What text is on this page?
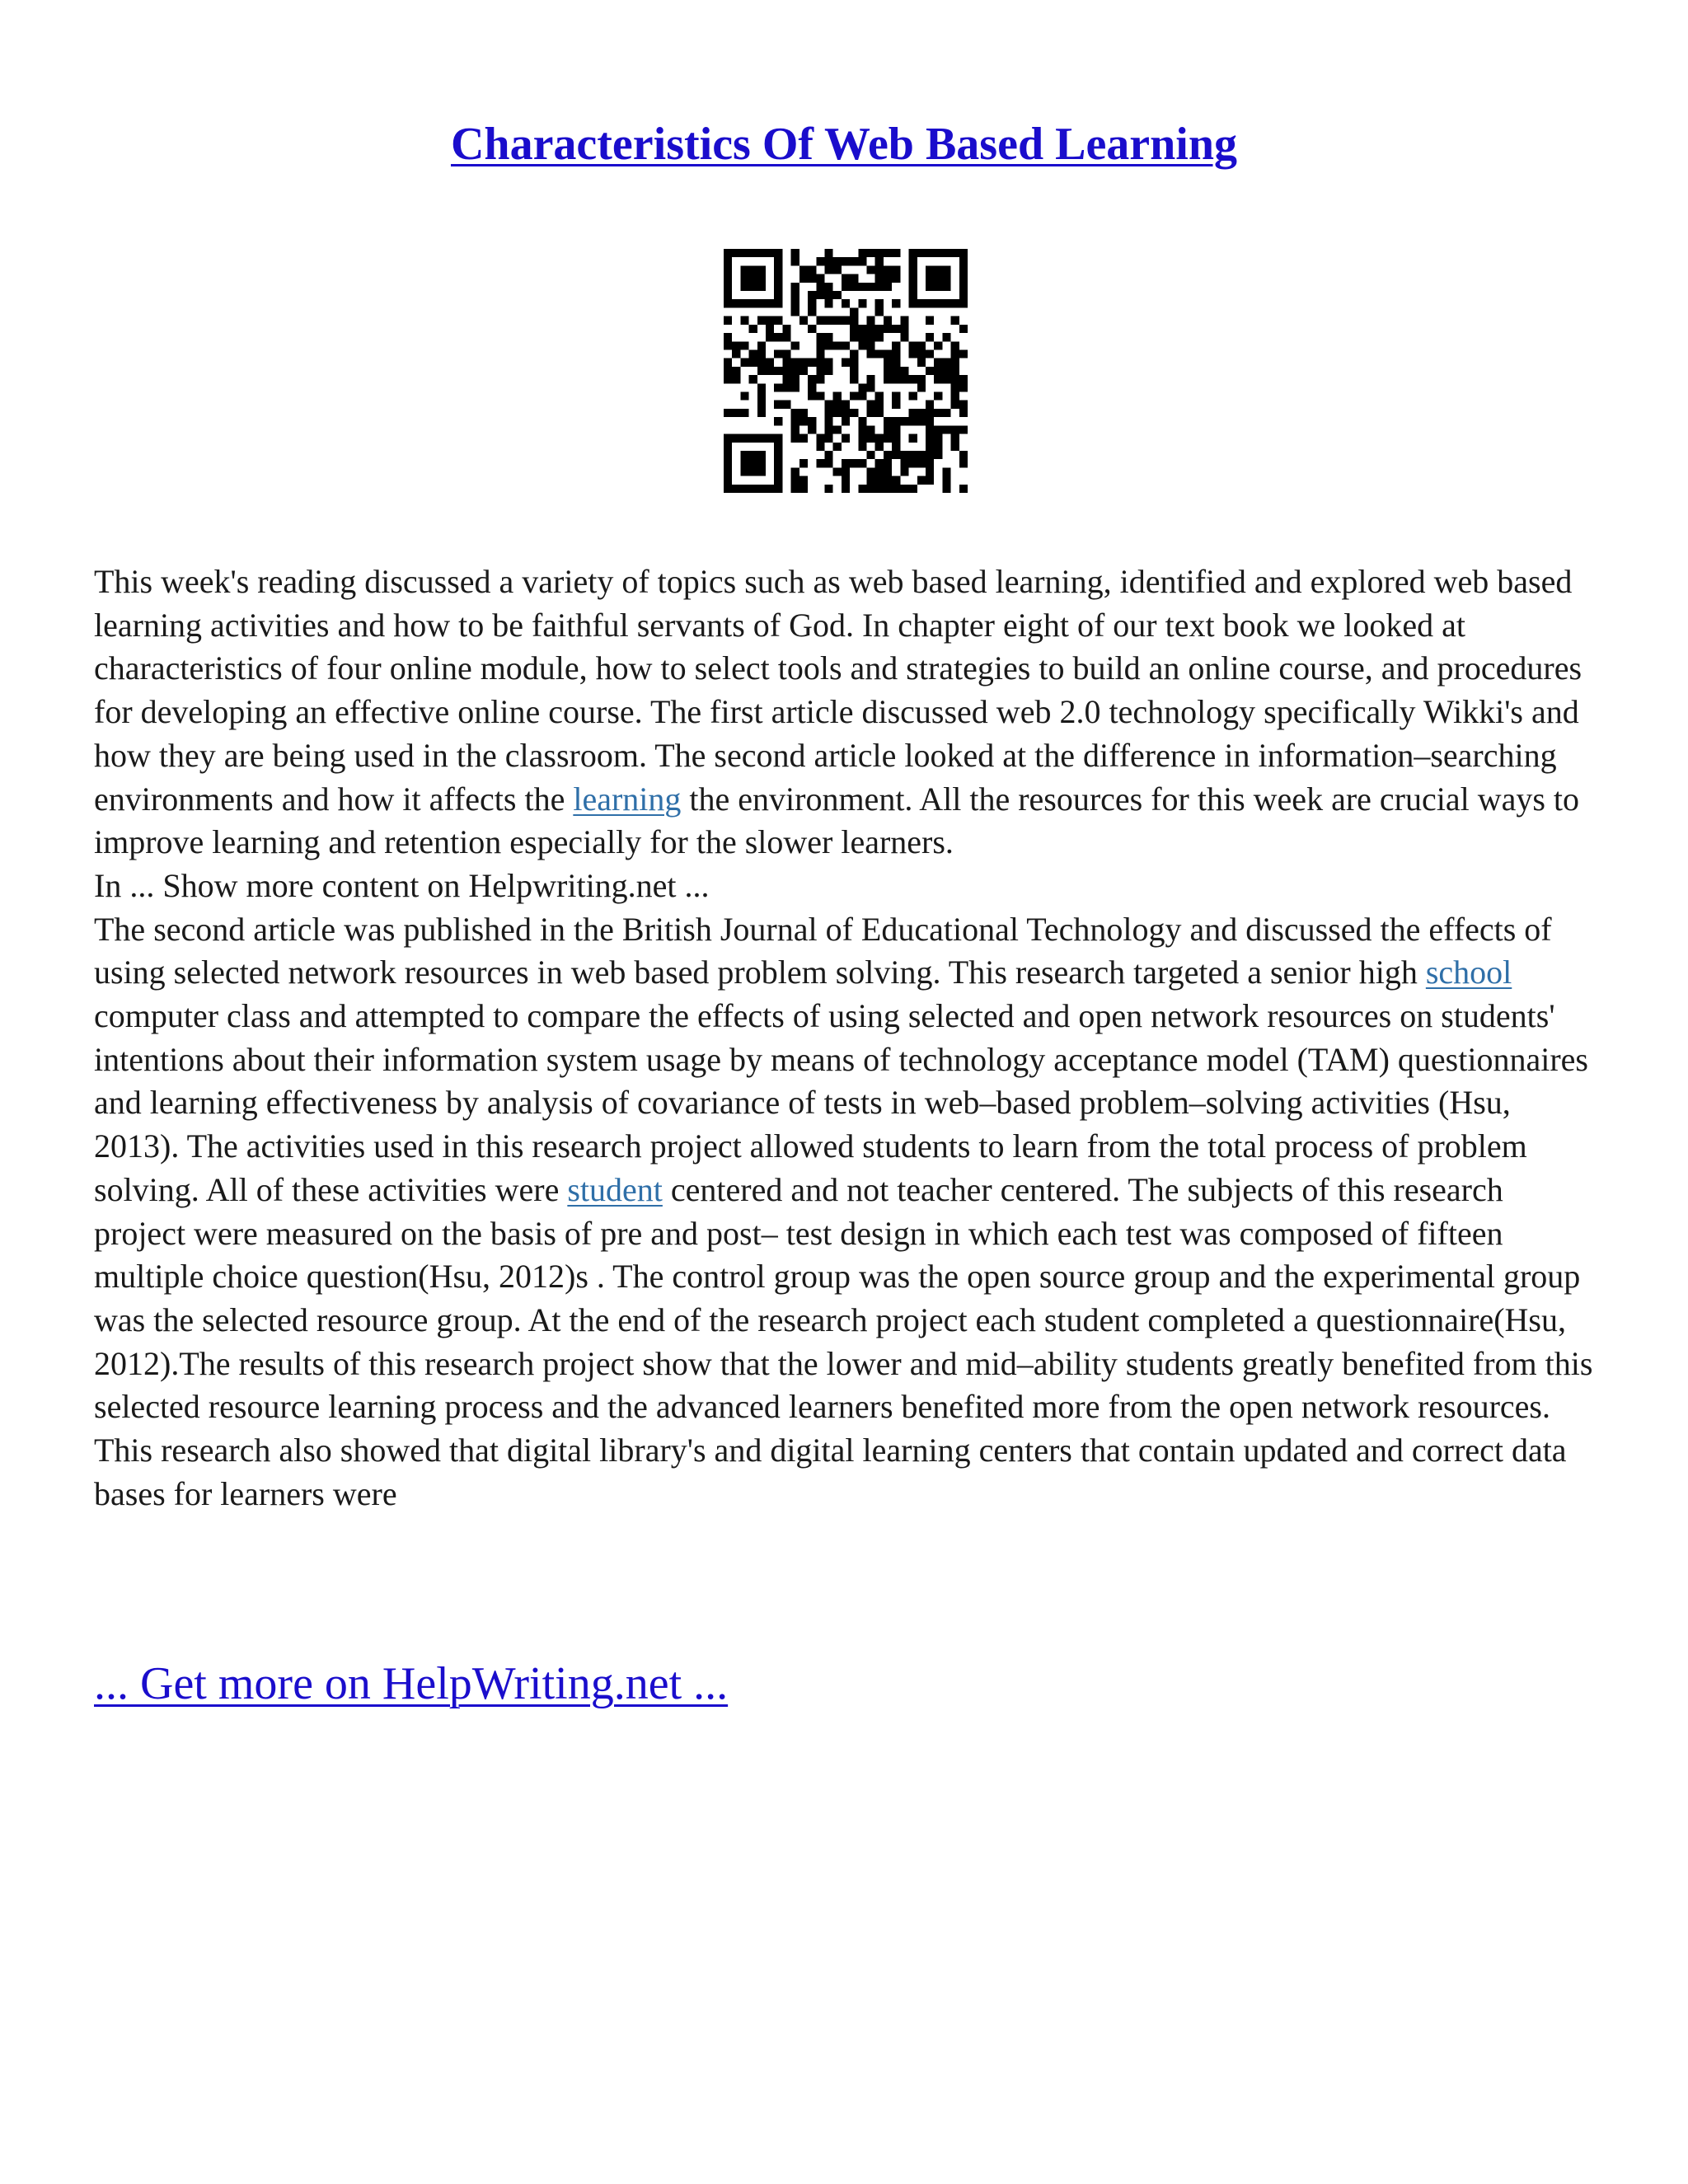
Characteristics Of Web Based Learning

This week's reading discussed a variety of topics such as web based learning, identified and explored web based learning activities and how to be faithful servants of God. In chapter eight of our text book we looked at characteristics of four online module, how to select tools and strategies to build an online course, and procedures for developing an effective online course. The first article discussed web 2.0 technology specifically Wikki's and how they are being used in the classroom. The second article looked at the difference in information–searching environments and how it affects the learning the environment. All the resources for this week are crucial ways to improve learning and retention especially for the slower learners.

In ... Show more content on Helpwriting.net ...

The second article was published in the British Journal of Educational Technology and discussed the effects of using selected network resources in web based problem solving. This research targeted a senior high school computer class and attempted to compare the effects of using selected and open network resources on students' intentions about their information system usage by means of technology acceptance model (TAM) questionnaires and learning effectiveness by analysis of covariance of tests in web–based problem–solving activities (Hsu, 2013). The activities used in this research project allowed students to learn from the total process of problem solving. All of these activities were student centered and not teacher centered. The subjects of this research project were measured on the basis of pre and post– test design in which each test was composed of fifteen multiple choice question(Hsu, 2012)s . The control group was the open source group and the experimental group was the selected resource group. At the end of the research project each student completed a questionnaire(Hsu, 2012).The results of this research project show that the lower and mid–ability students greatly benefited from this selected resource learning process and the advanced learners benefited more from the open network resources. This research also showed that digital library's and digital learning centers that contain updated and correct data bases for learners were

... Get more on HelpWriting.net ...
